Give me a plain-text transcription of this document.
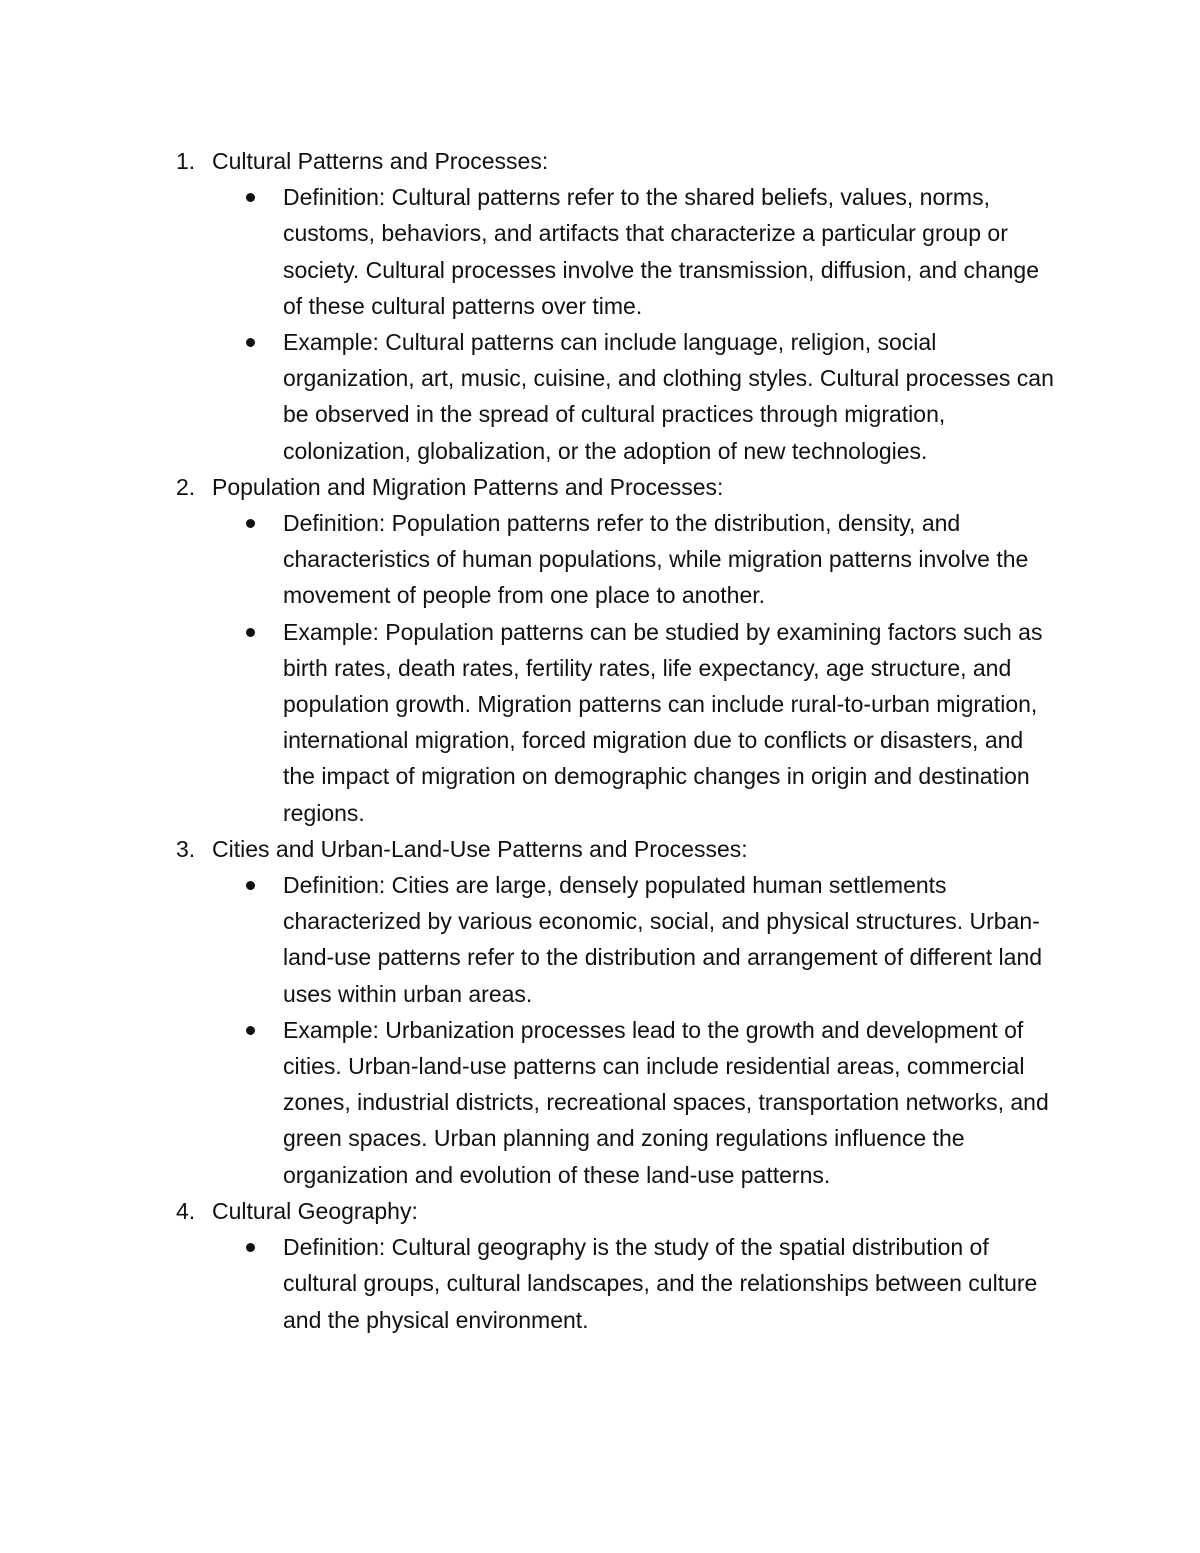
1. Cultural Patterns and Processes:
Definition: Cultural patterns refer to the shared beliefs, values, norms, customs, behaviors, and artifacts that characterize a particular group or society. Cultural processes involve the transmission, diffusion, and change of these cultural patterns over time.
Example: Cultural patterns can include language, religion, social organization, art, music, cuisine, and clothing styles. Cultural processes can be observed in the spread of cultural practices through migration, colonization, globalization, or the adoption of new technologies.
2. Population and Migration Patterns and Processes:
Definition: Population patterns refer to the distribution, density, and characteristics of human populations, while migration patterns involve the movement of people from one place to another.
Example: Population patterns can be studied by examining factors such as birth rates, death rates, fertility rates, life expectancy, age structure, and population growth. Migration patterns can include rural-to-urban migration, international migration, forced migration due to conflicts or disasters, and the impact of migration on demographic changes in origin and destination regions.
3. Cities and Urban-Land-Use Patterns and Processes:
Definition: Cities are large, densely populated human settlements characterized by various economic, social, and physical structures. Urban-land-use patterns refer to the distribution and arrangement of different land uses within urban areas.
Example: Urbanization processes lead to the growth and development of cities. Urban-land-use patterns can include residential areas, commercial zones, industrial districts, recreational spaces, transportation networks, and green spaces. Urban planning and zoning regulations influence the organization and evolution of these land-use patterns.
4. Cultural Geography:
Definition: Cultural geography is the study of the spatial distribution of cultural groups, cultural landscapes, and the relationships between culture and the physical environment.
